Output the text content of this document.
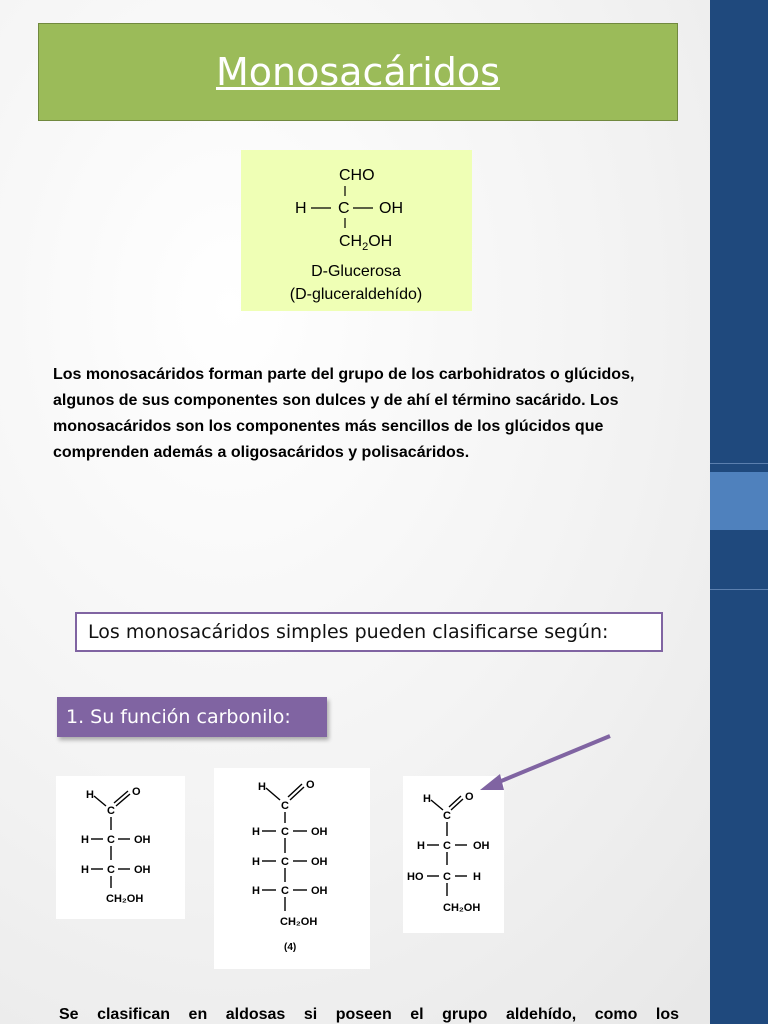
Monosacáridos
CHO
H C OH
$CH_2OH$
D-Glucerosa
(D-gluceraldehído)
Los monosacáridos forman parte del grupo de los carbohidratos o glúcidos, algunos de sus componentes son dulces y de ahí el término sacárido. Los monosacáridos son los componentes más sencillos de los glúcidos que comprenden además a oligosacáridos y polisacáridos.
Los monosacáridos simples pueden clasificarse según:
1. Su función carbonilo:
H	O
C
H C OH
H C OH
CH₂OH
H	O
C
H C OH
H C OH
H C OH
CH₂OH
(4)
H	O
C
H C OH
HO C H
CH₂OH
Se clasifican en aldosas si poseen el grupo aldehído, como los
